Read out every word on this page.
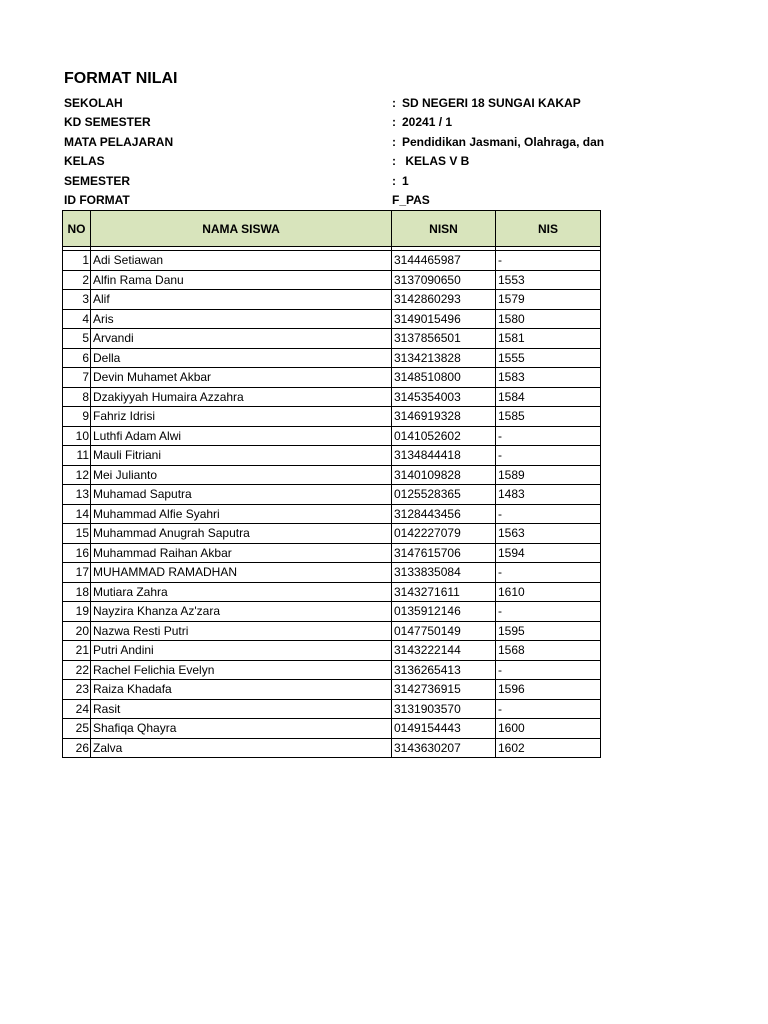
FORMAT NILAI
SEKOLAH	: SD NEGERI 18 SUNGAI KAKAP
KD SEMESTER	: 20241 / 1
MATA PELAJARAN	: Pendidikan Jasmani, Olahraga, dan
KELAS	: KELAS V B
SEMESTER	: 1
ID FORMAT	F_PAS
NO	NAMA SISWA	NISN	NIS

1	Adi Setiawan	3144465987	-
2	Alfin Rama Danu	3137090650	1553
3	Alif	3142860293	1579
4	Aris	3149015496	1580
5	Arvandi	3137856501	1581
6	Della	3134213828	1555
7	Devin Muhamet Akbar	3148510800	1583
8	Dzakiyyah Humaira Azzahra	3145354003	1584
9	Fahriz Idrisi	3146919328	1585
10	Luthfi Adam Alwi	0141052602	-
11	Mauli Fitriani	3134844418	-
12	Mei Julianto	3140109828	1589
13	Muhamad Saputra	0125528365	1483
14	Muhammad Alfie Syahri	3128443456	-
15	Muhammad Anugrah Saputra	0142227079	1563
16	Muhammad Raihan Akbar	3147615706	1594
17	MUHAMMAD RAMADHAN	3133835084	-
18	Mutiara Zahra	3143271611	1610
19	Nayzira Khanza Az'zara	0135912146	-
20	Nazwa Resti Putri	0147750149	1595
21	Putri Andini	3143222144	1568
22	Rachel Felichia Evelyn	3136265413	-
23	Raiza Khadafa	3142736915	1596
24	Rasit	3131903570	-
25	Shafiqa Qhayra	0149154443	1600
26	Zalva	3143630207	1602
